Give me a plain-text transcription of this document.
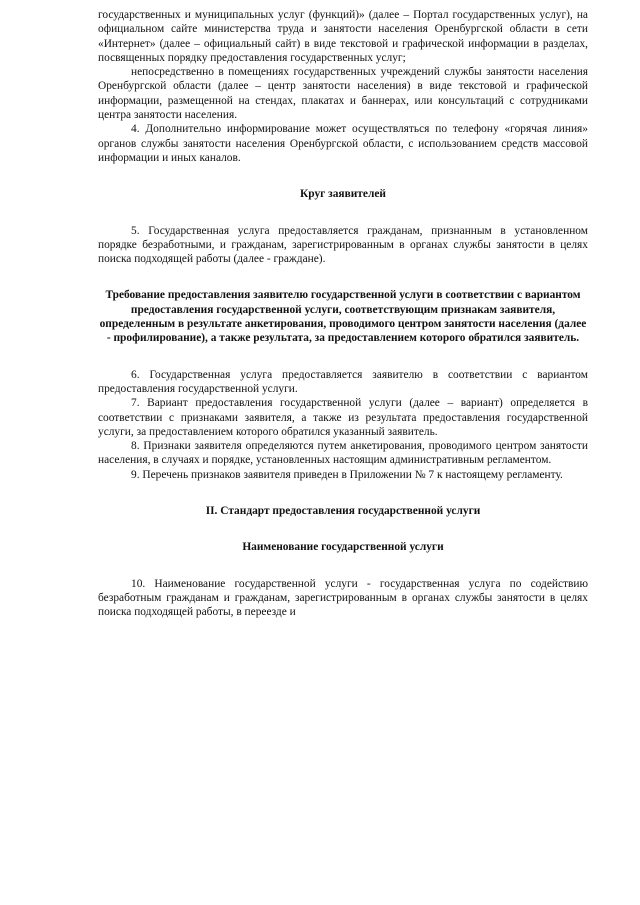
государственных и муниципальных услуг (функций)» (далее – Портал государственных услуг), на официальном сайте министерства труда и занятости населения Оренбургской области в сети «Интернет» (далее – официальный сайт) в виде текстовой и графической информации в разделах, посвященных порядку предоставления государственных услуг;

непосредственно в помещениях государственных учреждений службы занятости населения Оренбургской области (далее – центр занятости населения) в виде текстовой и графической информации, размещенной на стендах, плакатах и баннерах, или консультаций с сотрудниками центра занятости населения.

4. Дополнительно информирование может осуществляться по телефону «горячая линия» органов службы занятости населения Оренбургской области, с использованием средств массовой информации и иных каналов.

Круг заявителей

5. Государственная услуга предоставляется гражданам, признанным в установленном порядке безработными, и гражданам, зарегистрированным в органах службы занятости в целях поиска подходящей работы (далее - граждане).

Требование предоставления заявителю государственной услуги в соответствии с вариантом предоставления государственной услуги, соответствующим признакам заявителя, определенным в результате анкетирования, проводимого центром занятости населения (далее - профилирование), а также результата, за предоставлением которого обратился заявитель.

6. Государственная услуга предоставляется заявителю в соответствии с вариантом предоставления государственной услуги.

7. Вариант предоставления государственной услуги (далее – вариант) определяется в соответствии с признаками заявителя, а также из результата предоставления государственной услуги, за предоставлением которого обратился указанный заявитель.

8. Признаки заявителя определяются путем анкетирования, проводимого центром занятости населения, в случаях и порядке, установленных настоящим административным регламентом.

9. Перечень признаков заявителя приведен в Приложении № 7 к настоящему регламенту.

II. Стандарт предоставления государственной услуги

Наименование государственной услуги

10. Наименование государственной услуги - государственная услуга по содействию безработным гражданам и гражданам, зарегистрированным в органах службы занятости в целях поиска подходящей работы, в переезде и
